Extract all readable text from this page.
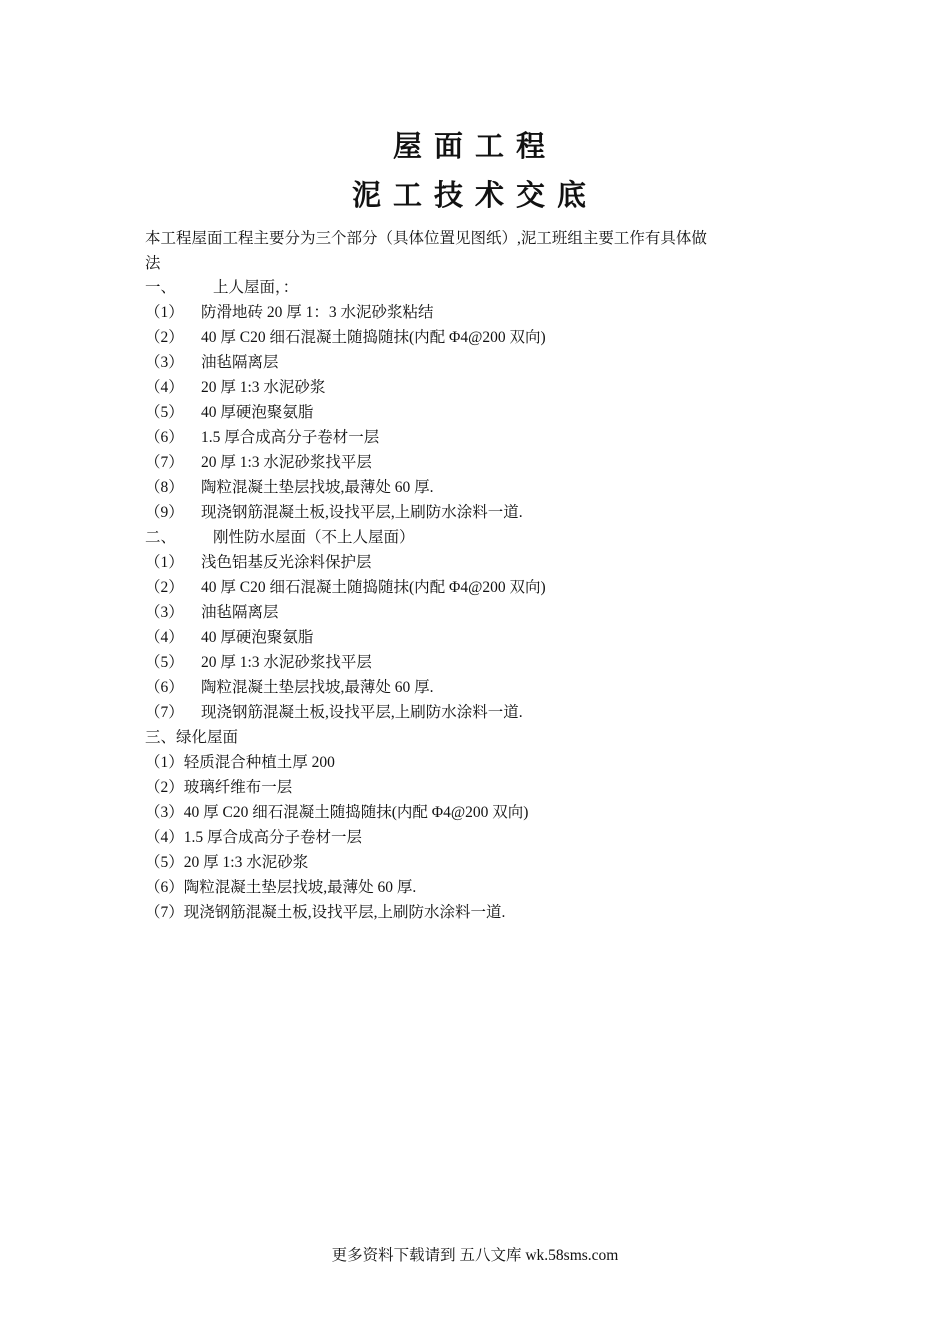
屋面工程
泥工技术交底
本工程屋面工程主要分为三个部分（具体位置见图纸）,泥工班组主要工作有具体做法
一、 上人屋面，：
（1） 防滑地砖 20 厚 1：3 水泥砂浆粘结
（2） 40 厚 C20 细石混凝土随捣随抹(内配 Φ4@200 双向)
（3） 油毡隔离层
（4） 20 厚 1:3 水泥砂浆
（5） 40 厚硬泡聚氨脂
（6） 1.5 厚合成高分子卷材一层
（7） 20 厚 1:3 水泥砂浆找平层
（8） 陶粒混凝土垫层找坡,最薄处 60 厚.
（9） 现浇钢筋混凝土板,设找平层,上刷防水涂料一道.
二、 刚性防水屋面（不上人屋面）
（1） 浅色铝基反光涂料保护层
（2） 40 厚 C20 细石混凝土随捣随抹(内配 Φ4@200 双向)
（3） 油毡隔离层
（4） 40 厚硬泡聚氨脂
（5） 20 厚 1:3 水泥砂浆找平层
（6） 陶粒混凝土垫层找坡,最薄处 60 厚.
（7） 现浇钢筋混凝土板,设找平层,上刷防水涂料一道.
三、绿化屋面
（1）轻质混合种植土厚 200
（2）玻璃纤维布一层
（3）40 厚 C20 细石混凝土随捣随抹(内配 Φ4@200 双向)
（4）1.5 厚合成高分子卷材一层
（5）20 厚 1:3 水泥砂浆
（6）陶粒混凝土垫层找坡,最薄处 60 厚.
（7）现浇钢筋混凝土板,设找平层,上刷防水涂料一道.
更多资料下载请到 五八文库 wk.58sms.com
